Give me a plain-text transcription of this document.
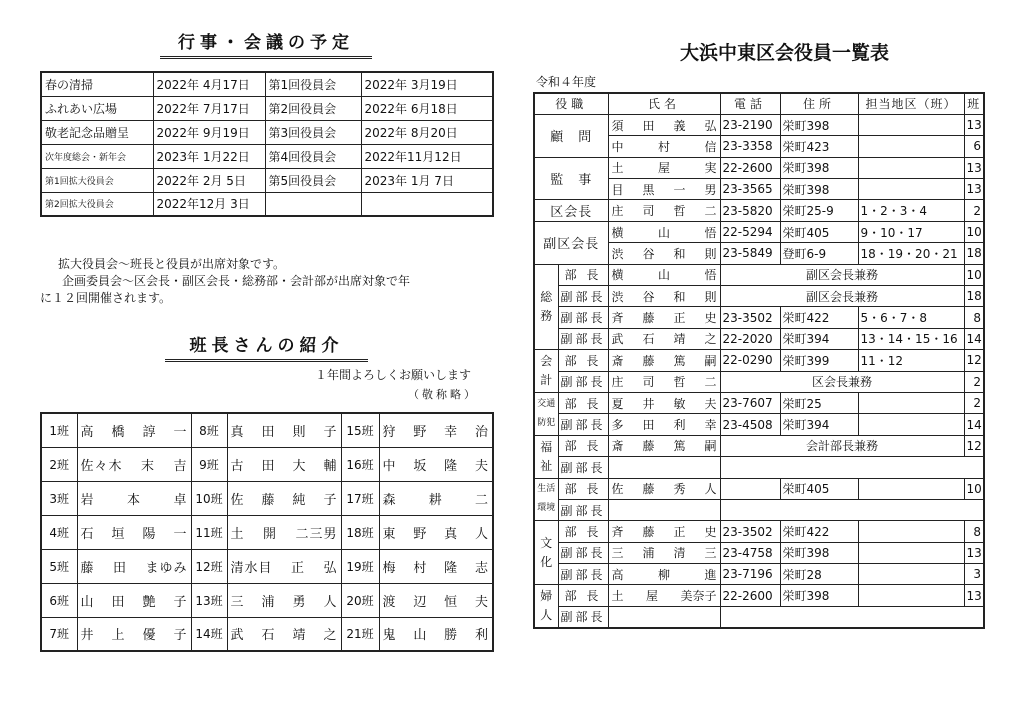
行事・会議の予定
春の清掃	2022年 4月17日	第1回役員会	2022年 3月19日
ふれあい広場	2022年 7月17日	第2回役員会	2022年 6月18日
敬老記念品贈呈	2022年 9月19日	第3回役員会	2022年 8月20日
次年度総会・新年会	2023年 1月22日	第4回役員会	2022年11月12日
第1回拡大役員会	2022年 2月 5日	第5回役員会	2023年 1月 7日
第2回拡大役員会	2022年12月 3日		
拡大役員会～班長と役員が出席対象です。
企画委員会～区会長・副区会長・総務部・会計部が出席対象で年
に１２回開催されます。
班長さんの紹介
１年間よろしくお願いします
（敬称略）
1班	高 橋 諄 一	8班	真 田 則 子	15班	狩 野 幸 治

2班	佐々木 末 吉	9班	古 田 大 輔	16班	中 坂 隆 夫

3班	岩 本 卓	10班	佐 藤 純 子	17班	森 耕 二

4班	石 垣 陽 一	11班	土 開 二三男	18班	東 野 真 人

5班	藤 田 まゆみ	12班	清水目 正 弘	19班	梅 村 隆 志

6班	山 田 艶 子	13班	三 浦 勇 人	20班	渡 辺 恒 夫

7班	井 上 優 子	14班	武 石 靖 之	21班	鬼 山 勝 利
大浜中東区会役員一覧表
令和４年度
役職		氏名	電話	住所	担当地区（班）	班
顧　問		須 田 義 弘	23-2190	栄町398		13

中 村 信	23-3358	栄町423		6
監　事		土 屋 実	22-2600	栄町398		13

目 黒 一 男	23-3565	栄町398		13
区会長		庄 司 哲 二	23-5820	栄町25-9	1・2・3・4	2
副区会長		横 山 悟	22-5294	栄町405	9・10・17	10

渋 谷 和 則	23-5849	登町6-9	18・19・20・21	18
総務	部 長	横 山 悟	副区会長兼務			10
	副部長	渋 谷 和 則	副区会長兼務			18
	副部長	斉 藤 正 史	23-3502	栄町422	5・6・7・8	8
	副部長	武 石 靖 之	22-2020	栄町394	13・14・15・16	14
会計	部 長	斎 藤 篤 嗣	22-0290	栄町399	11・12	12
	副部長	庄 司 哲 二	区会長兼務			2
交通防犯	部 長	夏 井 敏 夫	23-7607	栄町25		2
	副部長	多 田 利 幸	23-4508	栄町394		14
福祉	部 長	斎 藤 篤 嗣	会計部長兼務			12
	副部長				

生活環境	部 長	佐 藤 秀 人		栄町405		10
	副部長				

文化	部 長	斉 藤 正 史	23-3502	栄町422		8
	副部長	三 浦 清 三	23-4758	栄町398		13
	副部長	高 柳 進	23-7196	栄町28		3
婦人	部 長	土 屋 美奈子	22-2600	栄町398		13
	副部長				
